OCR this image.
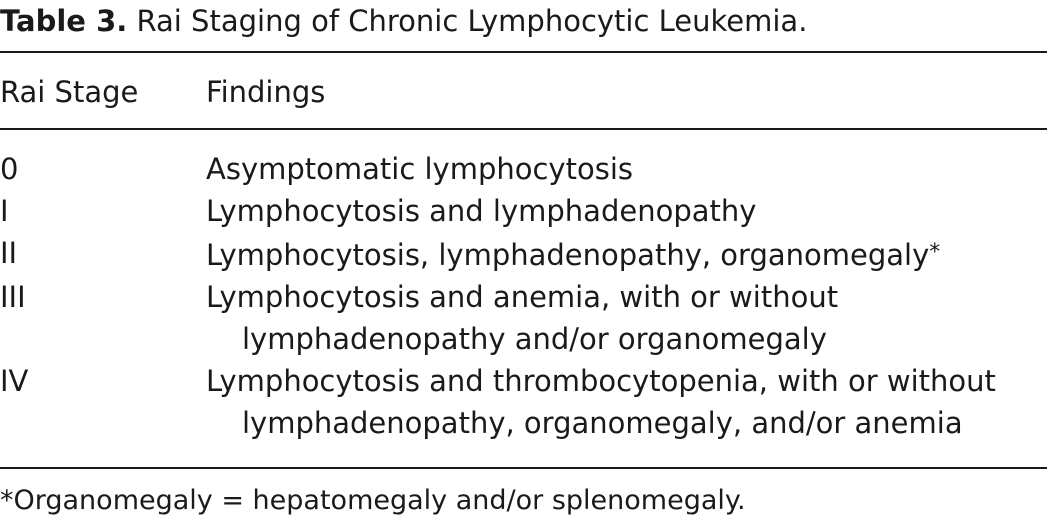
Table 3. Rai Staging of Chronic Lymphocytic Leukemia.
Rai Stage Findings
0	Asymptomatic lymphocytosis
I	Lymphocytosis and lymphadenopathy
II	Lymphocytosis, lymphadenopathy, organomegaly*
III	Lymphocytosis and anemia, with or without
lymphadenopathy and/or organomegaly
IV	Lymphocytosis and thrombocytopenia, with or without
lymphadenopathy, organomegaly, and/or anemia
*Organomegaly = hepatomegaly and/or splenomegaly.
